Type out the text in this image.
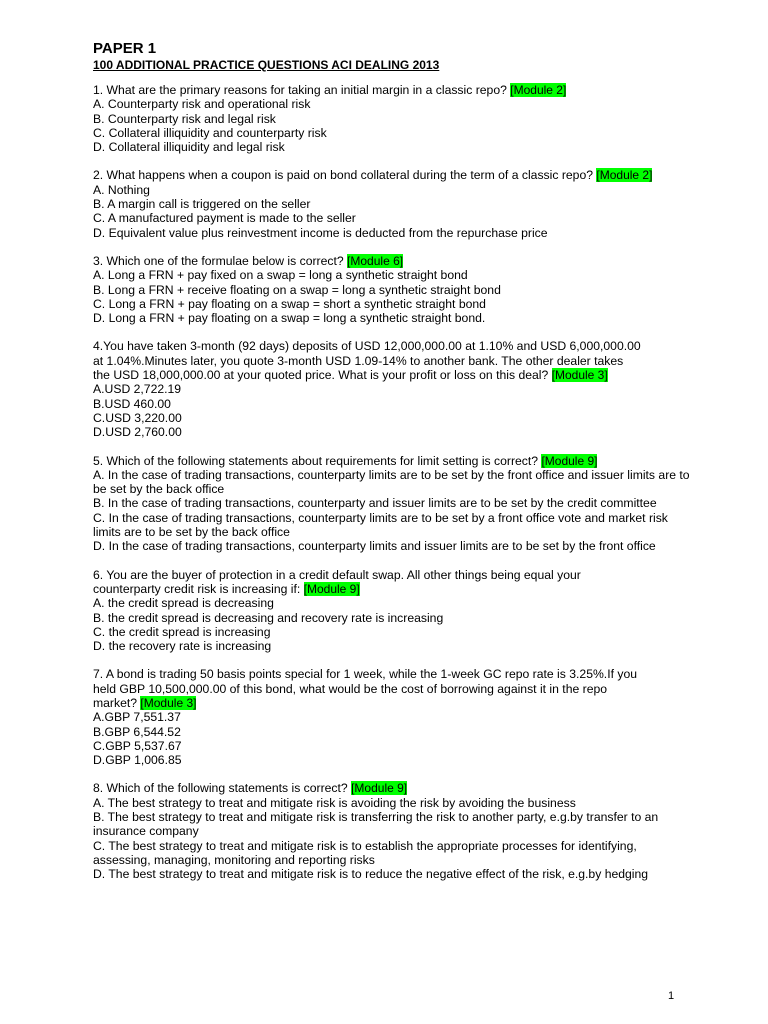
PAPER 1

100 ADDITIONAL PRACTICE QUESTIONS ACI DEALING 2013

1. What are the primary reasons for taking an initial margin in a classic repo? [Module 2]

A. Counterparty risk and operational risk

B. Counterparty risk and legal risk

C. Collateral illiquidity and counterparty risk

D. Collateral illiquidity and legal risk

2. What happens when a coupon is paid on bond collateral during the term of a classic repo? [Module 2]

A. Nothing

B. A margin call is triggered on the seller

C. A manufactured payment is made to the seller

D. Equivalent value plus reinvestment income is deducted from the repurchase price

3. Which one of the formulae below is correct? [Module 6]

A. Long a FRN + pay fixed on a swap = long a synthetic straight bond

B. Long a FRN + receive floating on a swap = long a synthetic straight bond

C. Long a FRN + pay floating on a swap = short a synthetic straight bond

D. Long a FRN + pay floating on a swap = long a synthetic straight bond.

4.You have taken 3-month (92 days) deposits of USD 12,000,000.00 at 1.10% and USD 6,000,000.00
at 1.04%.Minutes later, you quote 3-month USD 1.09-14% to another bank. The other dealer takes
the USD 18,000,000.00 at your quoted price. What is your profit or loss on this deal? [Module 3]

A.USD 2,722.19

B.USD 460.00

C.USD 3,220.00

D.USD 2,760.00

5. Which of the following statements about requirements for limit setting is correct? [Module 9]

A. In the case of trading transactions, counterparty limits are to be set by the front office and issuer limits are to be set by the back office

B. In the case of trading transactions, counterparty and issuer limits are to be set by the credit committee

C. In the case of trading transactions, counterparty limits are to be set by a front office vote and market risk limits are to be set by the back office

D. In the case of trading transactions, counterparty limits and issuer limits are to be set by the front office

6. You are the buyer of protection in a credit default swap. All other things being equal your
counterparty credit risk is increasing if: [Module 9]

A. the credit spread is decreasing

B. the credit spread is decreasing and recovery rate is increasing

C. the credit spread is increasing

D. the recovery rate is increasing

7. A bond is trading 50 basis points special for 1 week, while the 1-week GC repo rate is 3.25%.If you
held GBP 10,500,000.00 of this bond, what would be the cost of borrowing against it in the repo
market? [Module 3]

A.GBP 7,551.37

B.GBP 6,544.52

C.GBP 5,537.67

D.GBP 1,006.85

8. Which of the following statements is correct? [Module 9]

A. The best strategy to treat and mitigate risk is avoiding the risk by avoiding the business

B. The best strategy to treat and mitigate risk is transferring the risk to another party, e.g.by transfer to an insurance company

C. The best strategy to treat and mitigate risk is to establish the appropriate processes for identifying, assessing, managing, monitoring and reporting risks

D. The best strategy to treat and mitigate risk is to reduce the negative effect of the risk, e.g.by hedging

1
